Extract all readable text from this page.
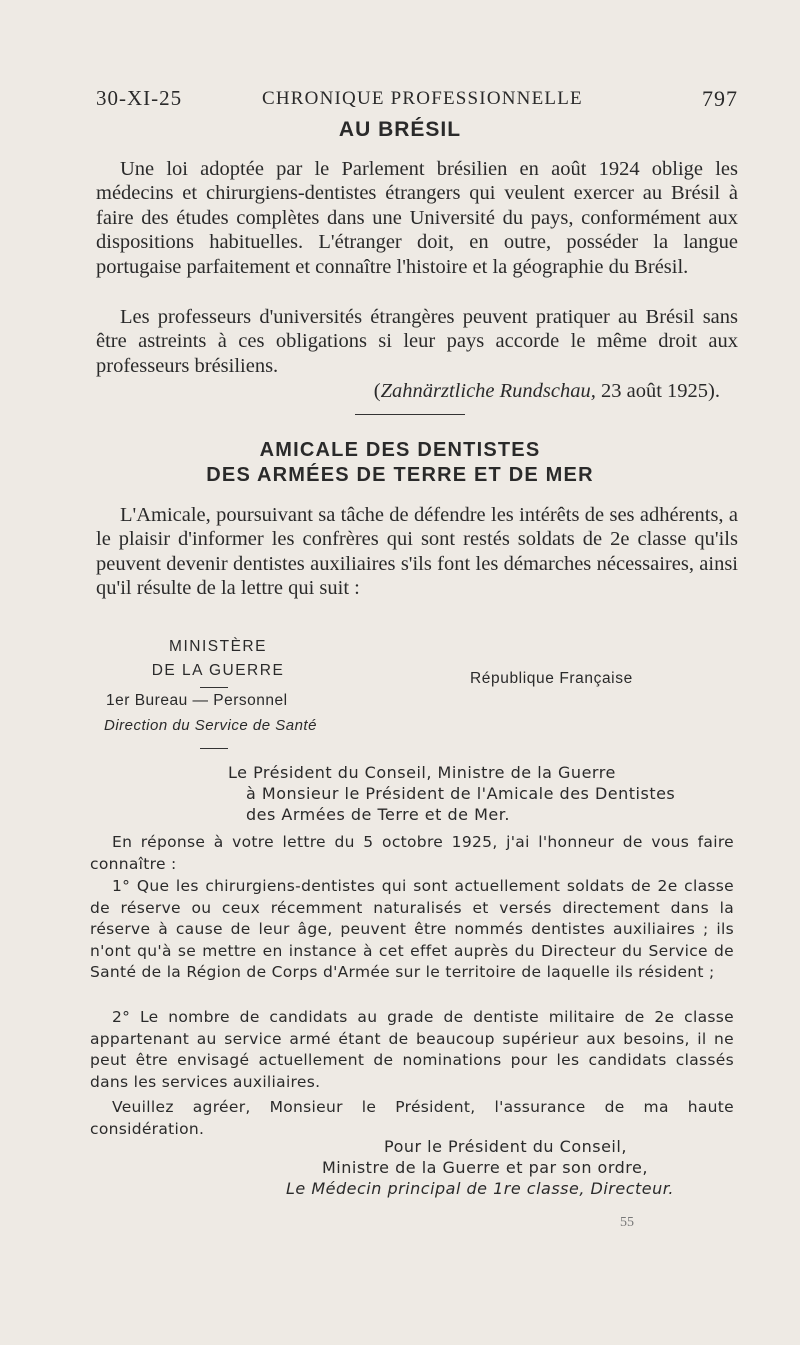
30-XI-25	CHRONIQUE PROFESSIONNELLE	797
AU BRÉSIL
Une loi adoptée par le Parlement brésilien en août 1924 oblige les médecins et chirurgiens-dentistes étrangers qui veulent exercer au Brésil à faire des études complètes dans une Université du pays, conformément aux dispositions habituelles. L'étranger doit, en outre, posséder la langue portugaise parfaitement et connaître l'histoire et la géographie du Brésil.
Les professeurs d'universités étrangères peuvent pratiquer au Brésil sans être astreints à ces obligations si leur pays accorde le même droit aux professeurs brésiliens.
(Zahnärztliche Rundschau, 23 août 1925).
AMICALE DES DENTISTES
DES ARMÉES DE TERRE ET DE MER
L'Amicale, poursuivant sa tâche de défendre les intérêts de ses adhérents, a le plaisir d'informer les confrères qui sont restés soldats de 2e classe qu'ils peuvent devenir dentistes auxiliaires s'ils font les démarches nécessaires, ainsi qu'il résulte de la lettre qui suit :
MINISTÈRE
DE LA GUERRE
1er Bureau — Personnel
Direction du Service de Santé
République Française
Le Président du Conseil, Ministre de la Guerre
à Monsieur le Président de l'Amicale des Dentistes
des Armées de Terre et de Mer.
En réponse à votre lettre du 5 octobre 1925, j'ai l'honneur de vous faire connaître :
1° Que les chirurgiens-dentistes qui sont actuellement soldats de 2e classe de réserve ou ceux récemment naturalisés et versés directement dans la réserve à cause de leur âge, peuvent être nommés dentistes auxiliaires ; ils n'ont qu'à se mettre en instance à cet effet auprès du Directeur du Service de Santé de la Région de Corps d'Armée sur le territoire de laquelle ils résident ;
2° Le nombre de candidats au grade de dentiste militaire de 2e classe appartenant au service armé étant de beaucoup supérieur aux besoins, il ne peut être envisagé actuellement de nominations pour les candidats classés dans les services auxiliaires.
Veuillez agréer, Monsieur le Président, l'assurance de ma haute considération.
Pour le Président du Conseil,
Ministre de la Guerre et par son ordre,
Le Médecin principal de 1re classe, Directeur.
55
